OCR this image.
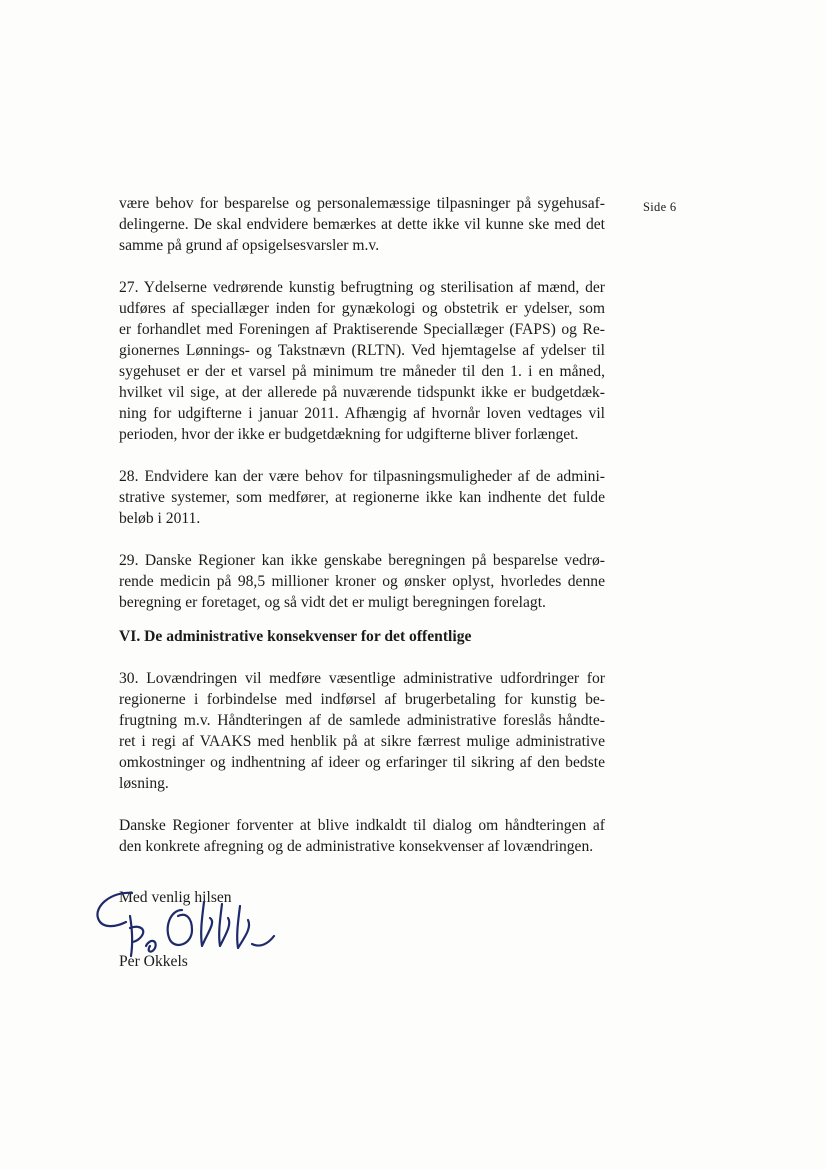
Side 6

være behov for besparelse og personalemæssige tilpasninger på sygehusaf-
delingerne. De skal endvidere bemærkes at dette ikke vil kunne ske med det
samme på grund af opsigelsesvarsler m.v.

27. Ydelserne vedrørende kunstig befrugtning og sterilisation af mænd, der
udføres af speciallæger inden for gynækologi og obstetrik er ydelser, som
er forhandlet med Foreningen af Praktiserende Speciallæger (FAPS) og Re-
gionernes Lønnings- og Takstnævn (RLTN). Ved hjemtagelse af ydelser til
sygehuset er der et varsel på minimum tre måneder til den 1. i en måned,
hvilket vil sige, at der allerede på nuværende tidspunkt ikke er budgetdæk-
ning for udgifterne i januar 2011. Afhængig af hvornår loven vedtages vil
perioden, hvor der ikke er budgetdækning for udgifterne bliver forlænget.

28. Endvidere kan der være behov for tilpasningsmuligheder af de admini-
strative systemer, som medfører, at regionerne ikke kan indhente det fulde
beløb i 2011.

29. Danske Regioner kan ikke genskabe beregningen på besparelse vedrø-
rende medicin på 98,5 millioner kroner og ønsker oplyst, hvorledes denne
beregning er foretaget, og så vidt det er muligt beregningen forelagt.

VI. De administrative konsekvenser for det offentlige

30. Lovændringen vil medføre væsentlige administrative udfordringer for
regionerne i forbindelse med indførsel af brugerbetaling for kunstig be-
frugtning m.v. Håndteringen af de samlede administrative foreslås håndte-
ret i regi af VAAKS med henblik på at sikre færrest mulige administrative
omkostninger og indhentning af ideer og erfaringer til sikring af den bedste
løsning.

Danske Regioner forventer at blive indkaldt til dialog om håndteringen af
den konkrete afregning og de administrative konsekvenser af lovændringen.

Med venlig hilsen
Per Okkels
